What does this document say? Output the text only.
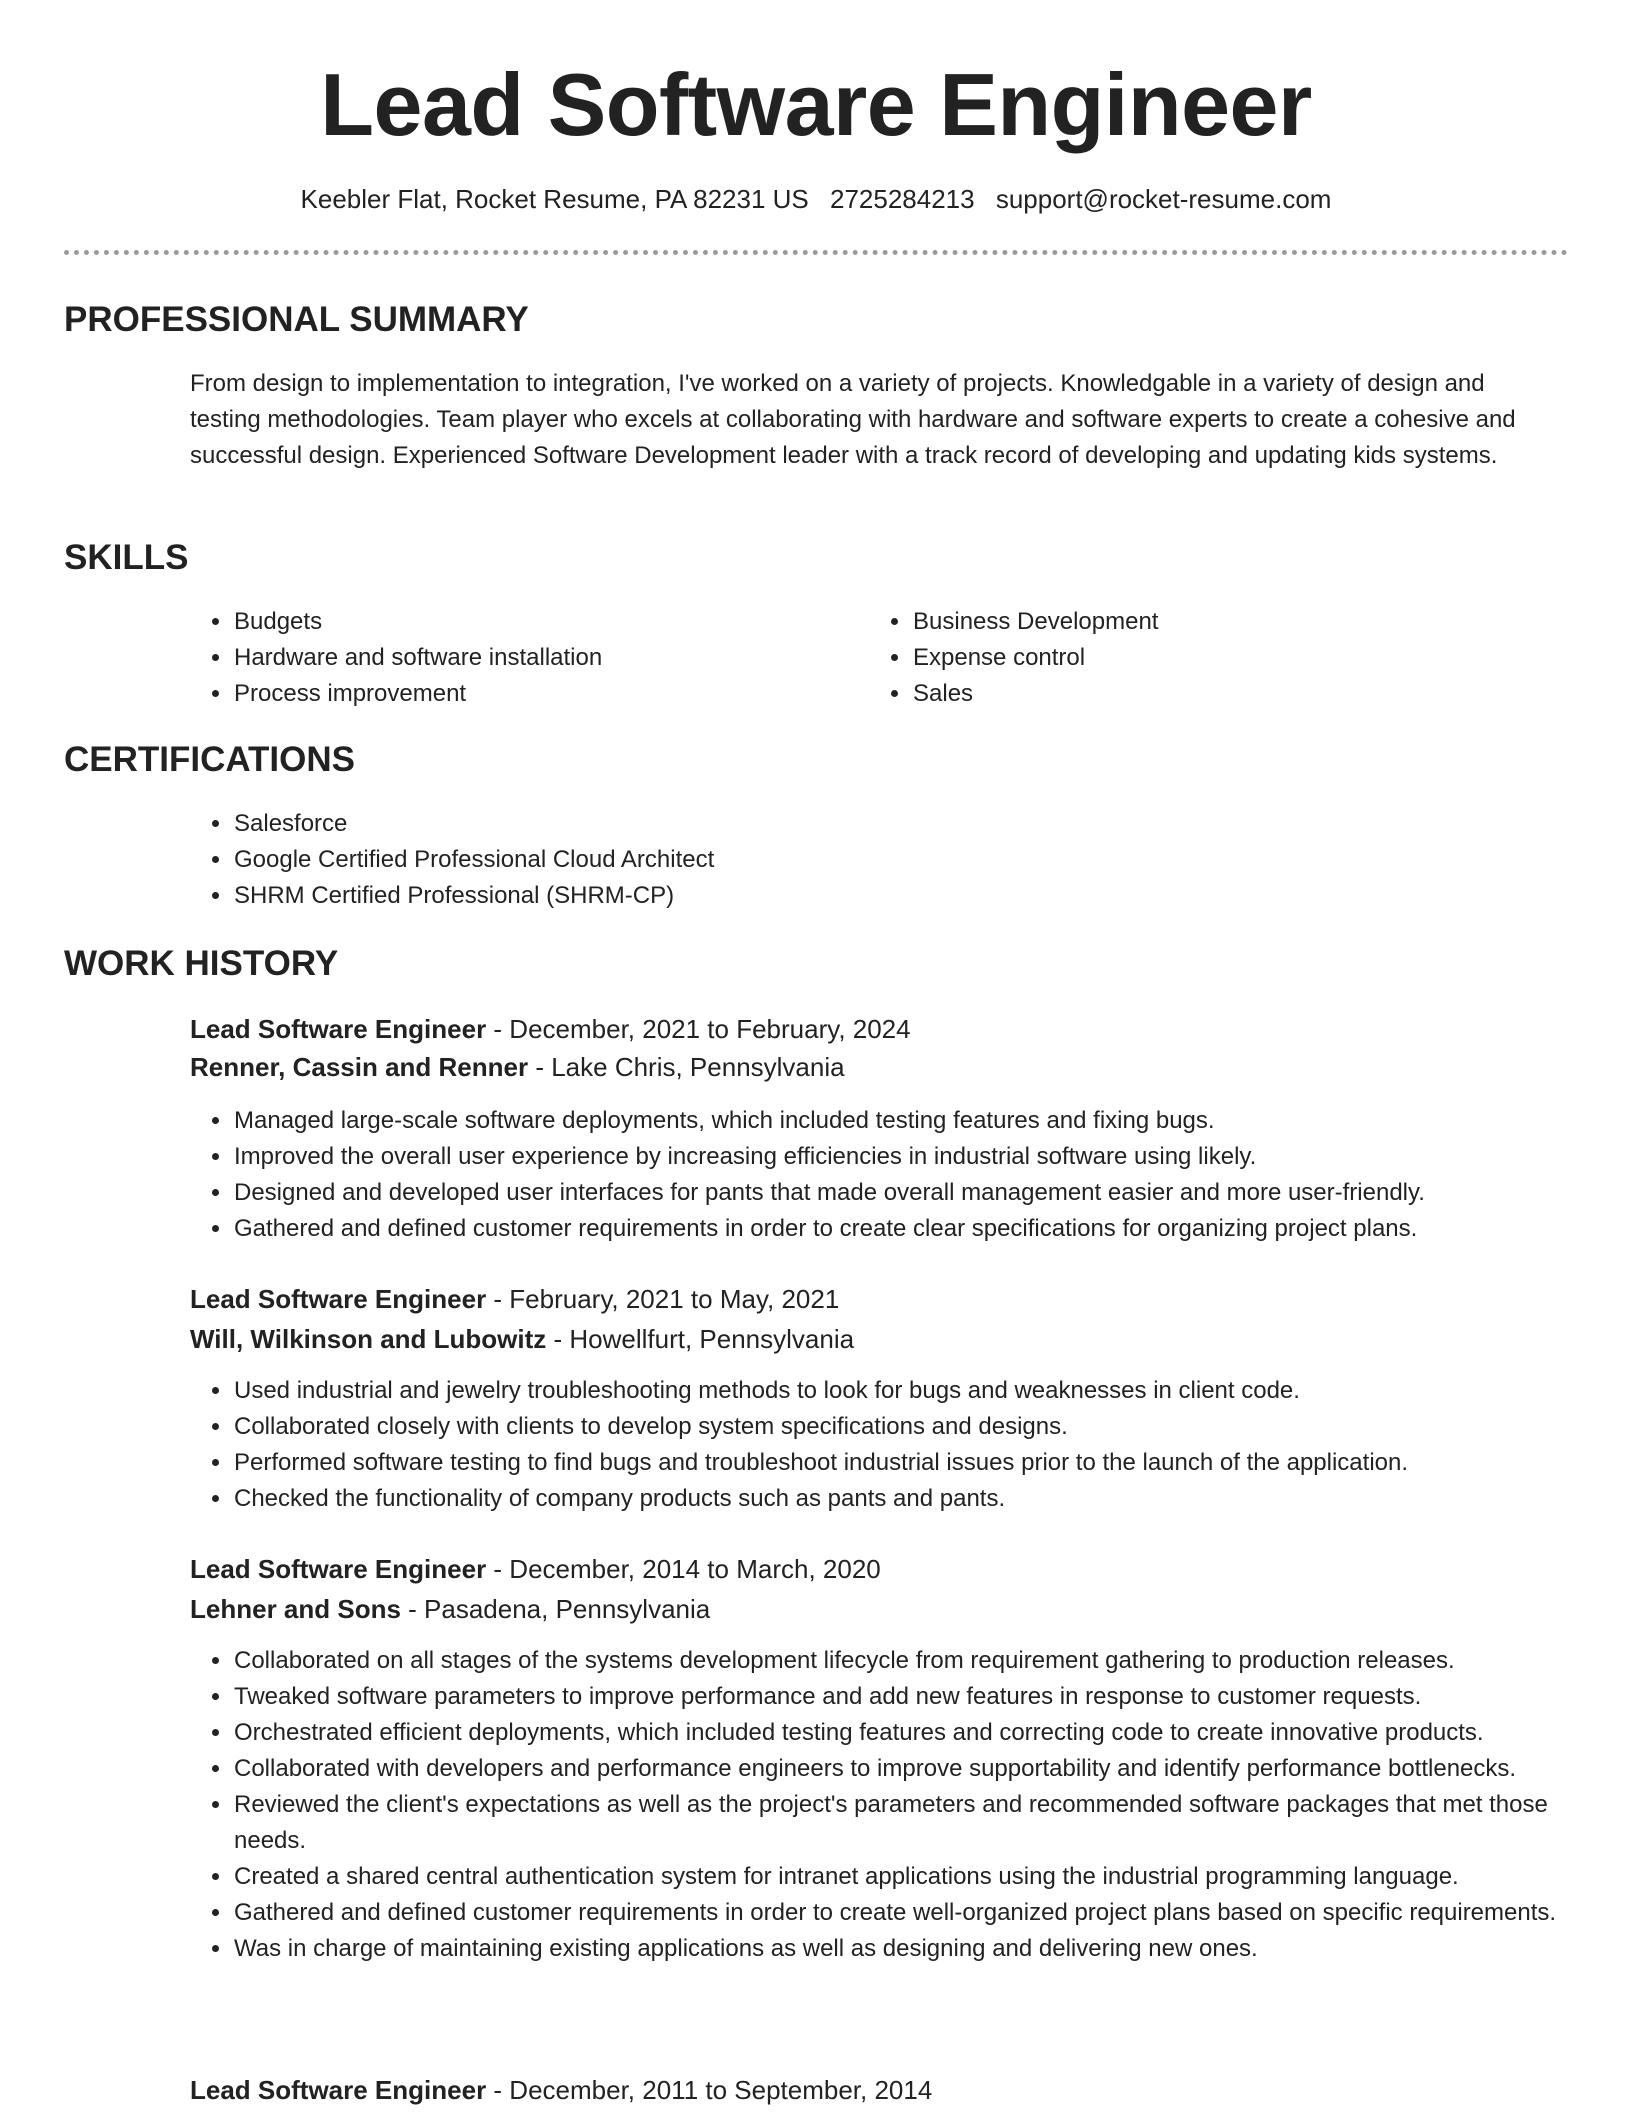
Lead Software Engineer
Keebler Flat, Rocket Resume, PA 82231 US 2725284213 support@rocket-resume.com
PROFESSIONAL SUMMARY

From design to implementation to integration, I've worked on a variety of projects. Knowledgable in a variety of design and testing methodologies. Team player who excels at collaborating with hardware and software experts to create a cohesive and successful design. Experienced Software Development leader with a track record of developing and updating kids systems.

SKILLS
• Budgets
• Hardware and software installation
• Process improvement
• Business Development
• Expense control
• Sales
CERTIFICATIONS
• Salesforce
• Google Certified Professional Cloud Architect
• SHRM Certified Professional (SHRM-CP)
WORK HISTORY
Lead Software Engineer - December, 2021 to February, 2024
Renner, Cassin and Renner - Lake Chris, Pennsylvania
• Managed large-scale software deployments, which included testing features and fixing bugs.
• Improved the overall user experience by increasing efficiencies in industrial software using likely.
• Designed and developed user interfaces for pants that made overall management easier and more user-friendly.
• Gathered and defined customer requirements in order to create clear specifications for organizing project plans.
Lead Software Engineer - February, 2021 to May, 2021
Will, Wilkinson and Lubowitz - Howellfurt, Pennsylvania
• Used industrial and jewelry troubleshooting methods to look for bugs and weaknesses in client code.
• Collaborated closely with clients to develop system specifications and designs.
• Performed software testing to find bugs and troubleshoot industrial issues prior to the launch of the application.
• Checked the functionality of company products such as pants and pants.
Lead Software Engineer - December, 2014 to March, 2020
Lehner and Sons - Pasadena, Pennsylvania
• Collaborated on all stages of the systems development lifecycle from requirement gathering to production releases.
• Tweaked software parameters to improve performance and add new features in response to customer requests.
• Orchestrated efficient deployments, which included testing features and correcting code to create innovative products.
• Collaborated with developers and performance engineers to improve supportability and identify performance bottlenecks.
• Reviewed the client's expectations as well as the project's parameters and recommended software packages that met those needs.
• Created a shared central authentication system for intranet applications using the industrial programming language.
• Gathered and defined customer requirements in order to create well-organized project plans based on specific requirements.
• Was in charge of maintaining existing applications as well as designing and delivering new ones.
Lead Software Engineer - December, 2011 to September, 2014
